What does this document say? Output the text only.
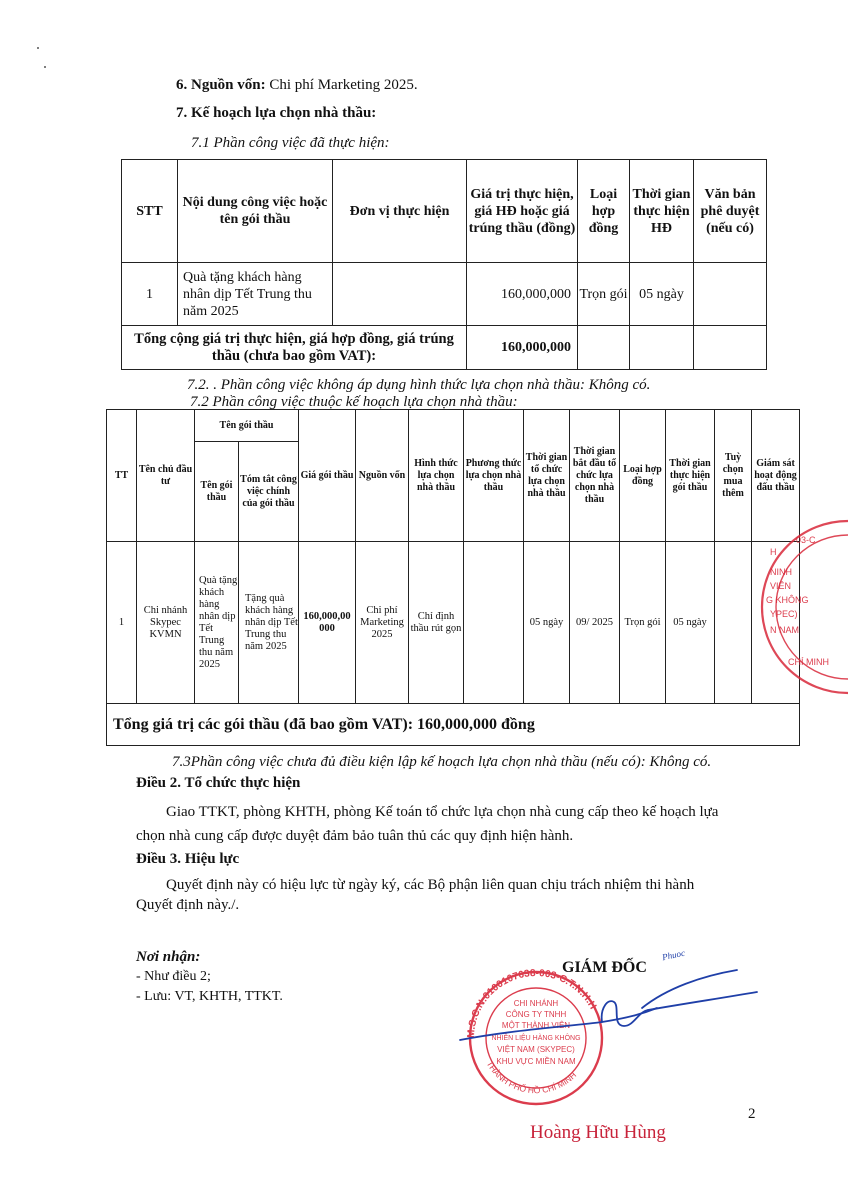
6. Nguồn vốn: Chi phí Marketing 2025.
7. Kế hoạch lựa chọn nhà thầu:
7.1 Phần công việc đã thực hiện:
STT	Nội dung công việc hoặc tên gói thầu	Đơn vị thực hiện	Giá trị thực hiện, giá HĐ hoặc giá trúng thầu (đồng)	Loại hợp đồng	Thời gian thực hiện HĐ	Văn bản phê duyệt (nếu có)
1	Quà tặng khách hàng nhân dịp Tết Trung thu năm 2025		160,000,000	Trọn gói	05 ngày	
Tổng cộng giá trị thực hiện, giá hợp đồng, giá trúng thầu (chưa bao gồm VAT):			160,000,000			
7.2. . Phần công việc không áp dụng hình thức lựa chọn nhà thầu: Không có.
7.2 Phần công việc thuộc kế hoạch lựa chọn nhà thầu:
TT	Tên chủ đầu tư	Tên gói thầu		Giá gói thầu	Nguồn vốn	Hình thức lựa chọn nhà thầu	Phương thức lựa chọn nhà thầu	Thời gian tổ chức lựa chọn nhà thầu	Thời gian bắt đầu tổ chức lựa chọn nhà thầu	Loại hợp đồng	Thời gian thực hiện gói thầu	Tuỳ chọn mua thêm	Giám sát hoạt động đấu thầu
		Tên gói thầu	Tóm tắt công việc chính của gói thầu										
1	Chi nhánh Skypec KVMN	Quà tặng khách hàng nhân dịp Tết Trung thu năm 2025	Tặng quà khách hàng nhân dịp Tết Trung thu năm 2025	160,000,00000	Chi phí Marketing 2025	Chỉ định thầu rút gọn		05 ngày	09/ 2025	Trọn gói	05 ngày		
Tổng giá trị các gói thầu (đã bao gồm VAT): 160,000,000 đồng													
03-C
H
NINH
VIÊN
G KHÔNG
YPEC)
N NAM
CHÍ MINH
7.3Phần công việc chưa đủ điều kiện lập kế hoạch lựa chọn nhà thầu (nếu có): Không có.
Điều 2. Tổ chức thực hiện
Giao TTKT, phòng KHTH, phòng Kế toán tổ chức lựa chọn nhà cung cấp theo kế hoạch lựa
chọn nhà cung cấp được duyệt đảm bảo tuân thủ các quy định hiện hành.
Điều 3. Hiệu lực
Quyết định này có hiệu lực từ ngày ký, các Bộ phận liên quan chịu trách nhiệm thi hành
Quyết định này./.
Nơi nhận:
- Như điều 2;
- Lưu: VT, KHTH, TTKT.
GIÁM ĐỐC
Phuoc
M.S.C.N:0100107638-003-C.T.N.H.H
THÀNH PHỐ HỒ CHÍ MINH
CHI NHÁNH
CÔNG TY TNHH
MỘT THÀNH VIÊN
NHIÊN LIỆU HÀNG KHÔNG
VIỆT NAM (SKYPEC)
KHU VỰC MIỀN NAM
2
Hoàng Hữu Hùng
